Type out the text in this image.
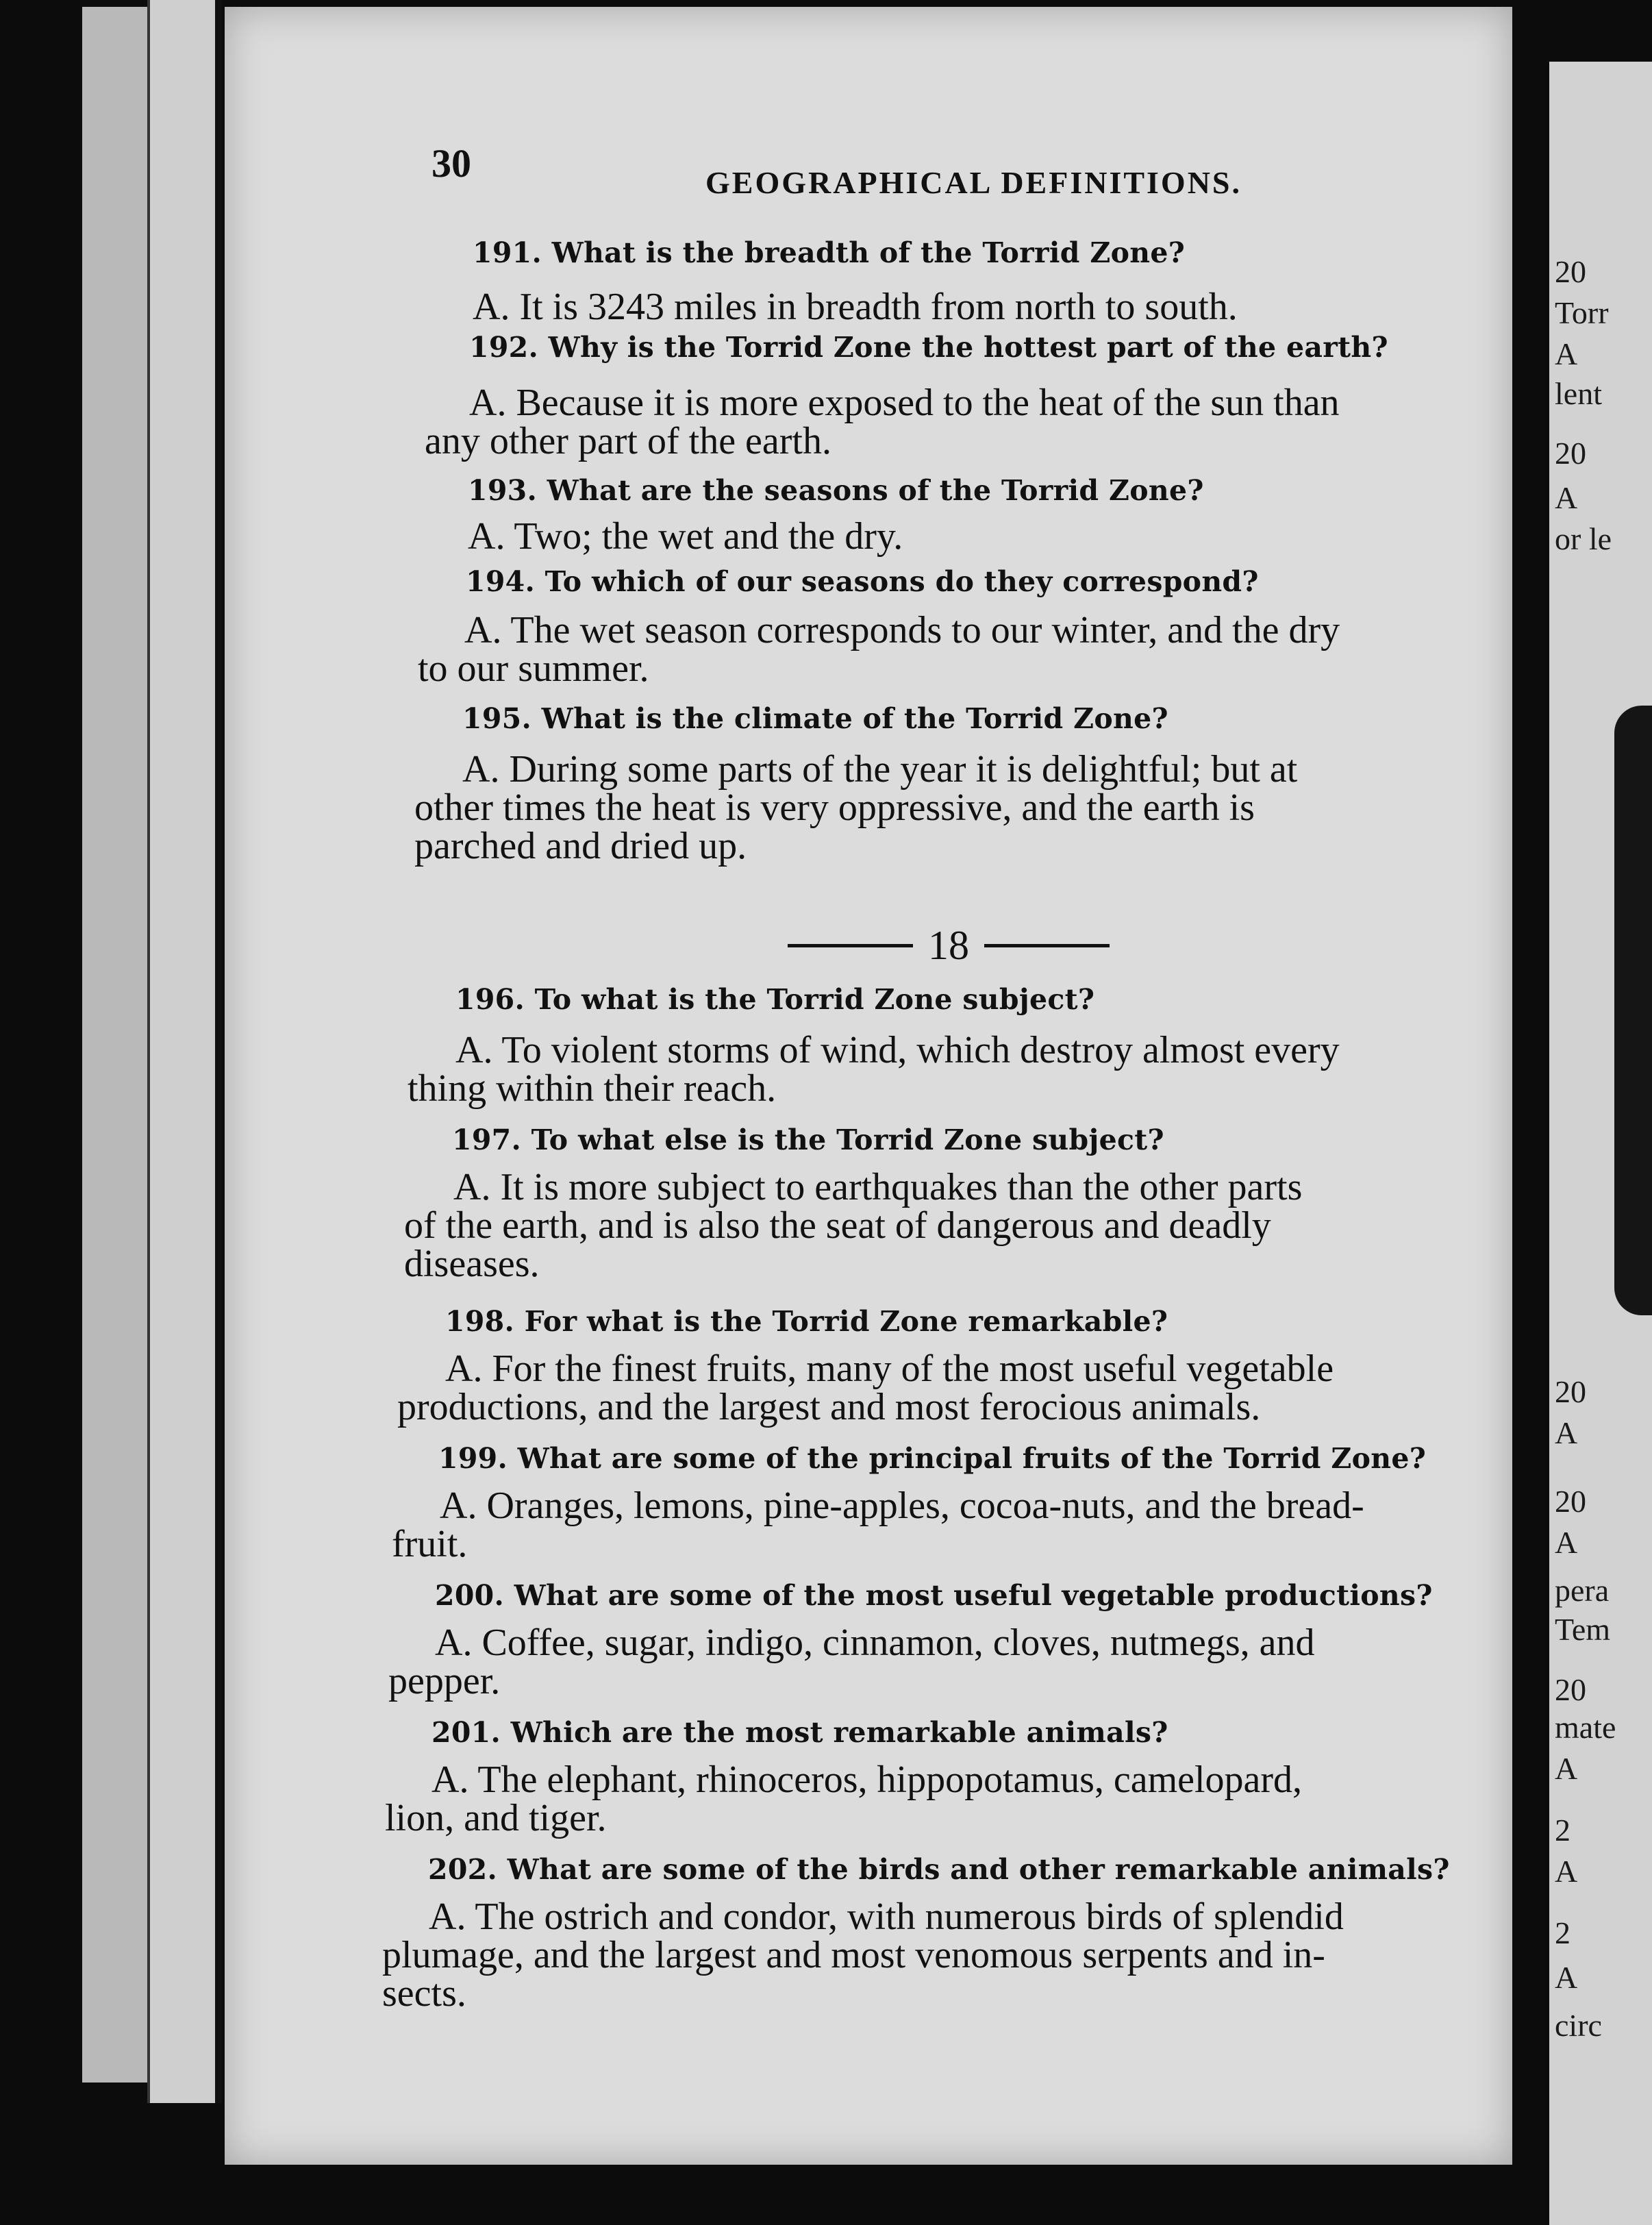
20
Torr
A
lent
20
A
or le
20
A
20
A
pera
Tem
20
mate
A
2
A
2
A
circ
30	GEOGRAPHICAL DEFINITIONS.
191. What is the breadth of the Torrid Zone?
A. It is 3243 miles in breadth from north to south.
192. Why is the Torrid Zone the hottest part of the earth?
A. Because it is more exposed to the heat of the sun than
any other part of the earth.
193. What are the seasons of the Torrid Zone?
A. Two; the wet and the dry.
194. To which of our seasons do they correspond?
A. The wet season corresponds to our winter, and the dry
to our summer.
195. What is the climate of the Torrid Zone?
A. During some parts of the year it is delightful; but at
other times the heat is very oppressive, and the earth is
parched and dried up.
18
196. To what is the Torrid Zone subject?
A. To violent storms of wind, which destroy almost every
thing within their reach.
197. To what else is the Torrid Zone subject?
A. It is more subject to earthquakes than the other parts
of the earth, and is also the seat of dangerous and deadly
diseases.
198. For what is the Torrid Zone remarkable?
A. For the finest fruits, many of the most useful vegetable
productions, and the largest and most ferocious animals.
199. What are some of the principal fruits of the Torrid Zone?
A. Oranges, lemons, pine-apples, cocoa-nuts, and the bread-
fruit.
200. What are some of the most useful vegetable productions?
A. Coffee, sugar, indigo, cinnamon, cloves, nutmegs, and
pepper.
201. Which are the most remarkable animals?
A. The elephant, rhinoceros, hippopotamus, camelopard,
lion, and tiger.
202. What are some of the birds and other remarkable animals?
A. The ostrich and condor, with numerous birds of splendid
plumage, and the largest and most venomous serpents and in-
sects.
